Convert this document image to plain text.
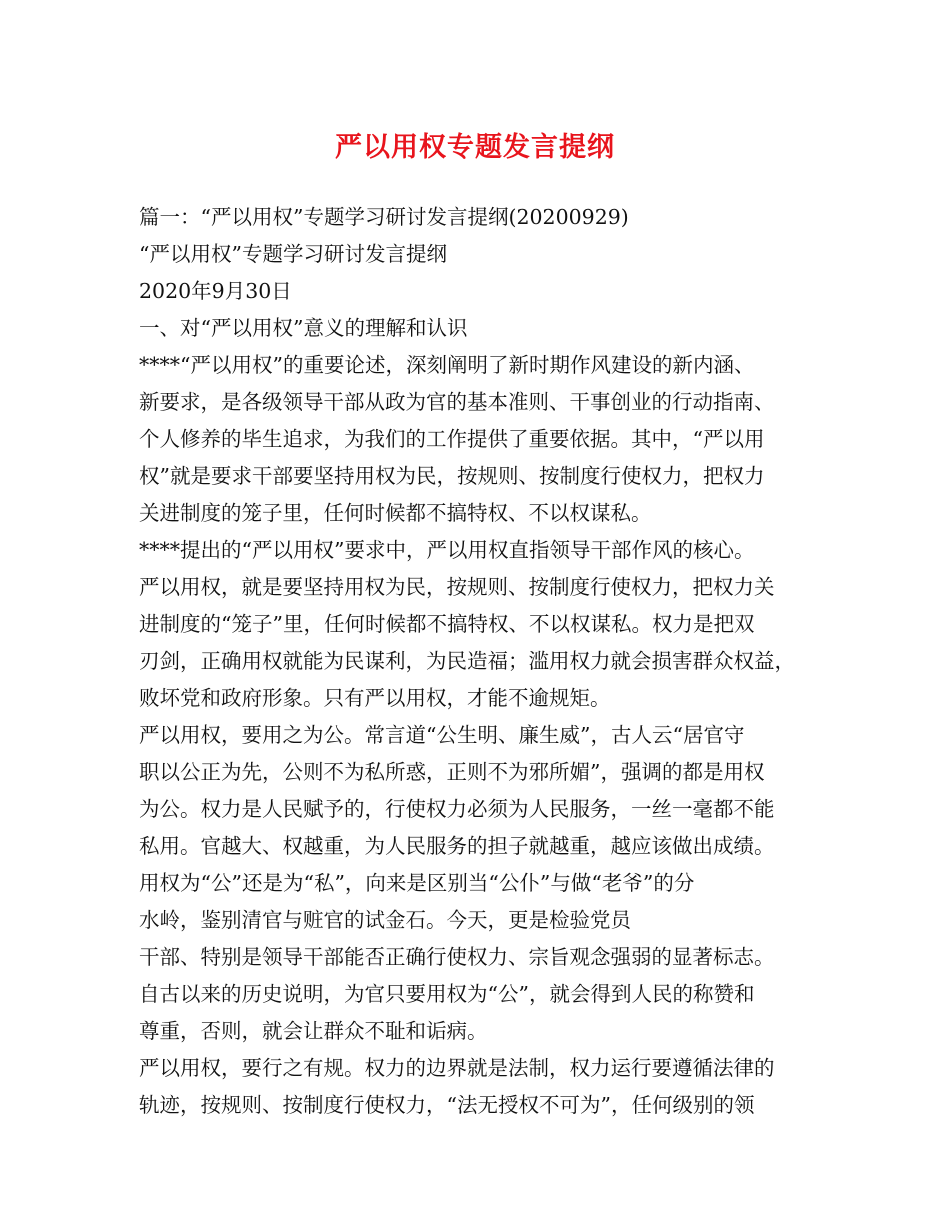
严以用权专题发言提纲
篇一：“严以用权”专题学习研讨发言提纲(20200929)
“严以用权”专题学习研讨发言提纲
2020年9月30日
一、对“严以用权”意义的理解和认识
****“严以用权”的重要论述，深刻阐明了新时期作风建设的新内涵、
新要求，是各级领导干部从政为官的基本准则、干事创业的行动指南、
个人修养的毕生追求，为我们的工作提供了重要依据。其中，“严以用
权”就是要求干部要坚持用权为民，按规则、按制度行使权力，把权力
关进制度的笼子里，任何时候都不搞特权、不以权谋私。
****提出的“严以用权”要求中，严以用权直指领导干部作风的核心。
严以用权，就是要坚持用权为民，按规则、按制度行使权力，把权力关
进制度的“笼子”里，任何时候都不搞特权、不以权谋私。权力是把双
刃剑，正确用权就能为民谋利，为民造福；滥用权力就会损害群众权益，
败坏党和政府形象。只有严以用权，才能不逾规矩。
严以用权，要用之为公。常言道“公生明、廉生威”，古人云“居官守
职以公正为先，公则不为私所惑，正则不为邪所媚”，强调的都是用权
为公。权力是人民赋予的，行使权力必须为人民服务，一丝一毫都不能
私用。官越大、权越重，为人民服务的担子就越重，越应该做出成绩。
用权为“公”还是为“私”，向来是区别当“公仆”与做“老爷”的分
水岭，鉴别清官与赃官的试金石。今天，更是检验党员
干部、特别是领导干部能否正确行使权力、宗旨观念强弱的显著标志。
自古以来的历史说明，为官只要用权为“公”，就会得到人民的称赞和
尊重，否则，就会让群众不耻和诟病。
严以用权，要行之有规。权力的边界就是法制，权力运行要遵循法律的
轨迹，按规则、按制度行使权力，“法无授权不可为”，任何级别的领
